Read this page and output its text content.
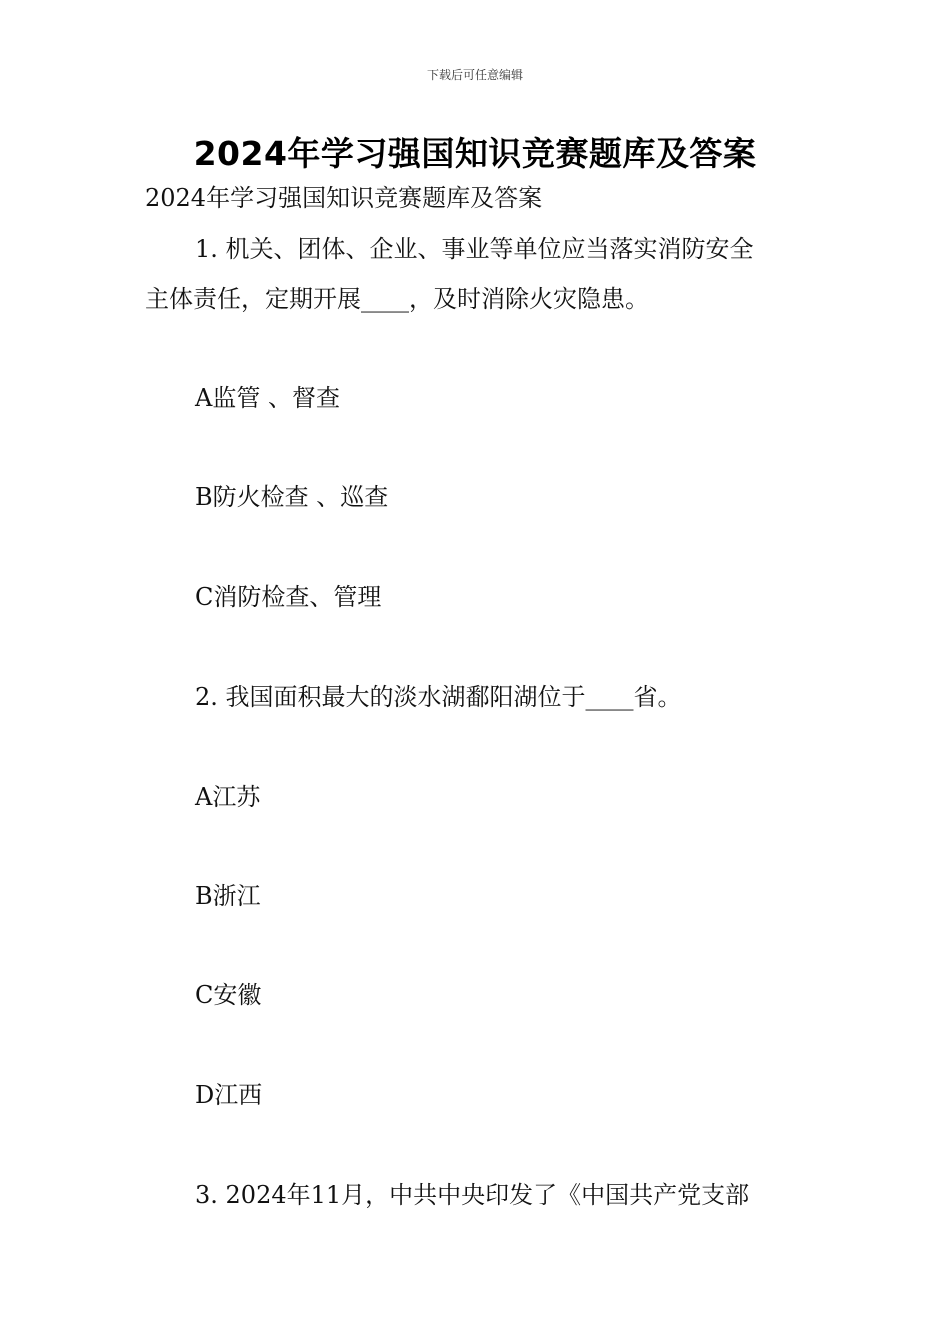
下载后可任意编辑
2024年学习强国知识竞赛题库及答案
2024年学习强国知识竞赛题库及答案
1. 机关、团体、企业、事业等单位应当落实消防安全
主体责任，定期开展____，及时消除火灾隐患。
A监管 、督查
B防火检查 、巡查
C消防检查、管理
2. 我国面积最大的淡水湖鄱阳湖位于____省。
A江苏
B浙江
C安徽
D江西
3. 2024年11月，中共中央印发了《中国共产党支部
